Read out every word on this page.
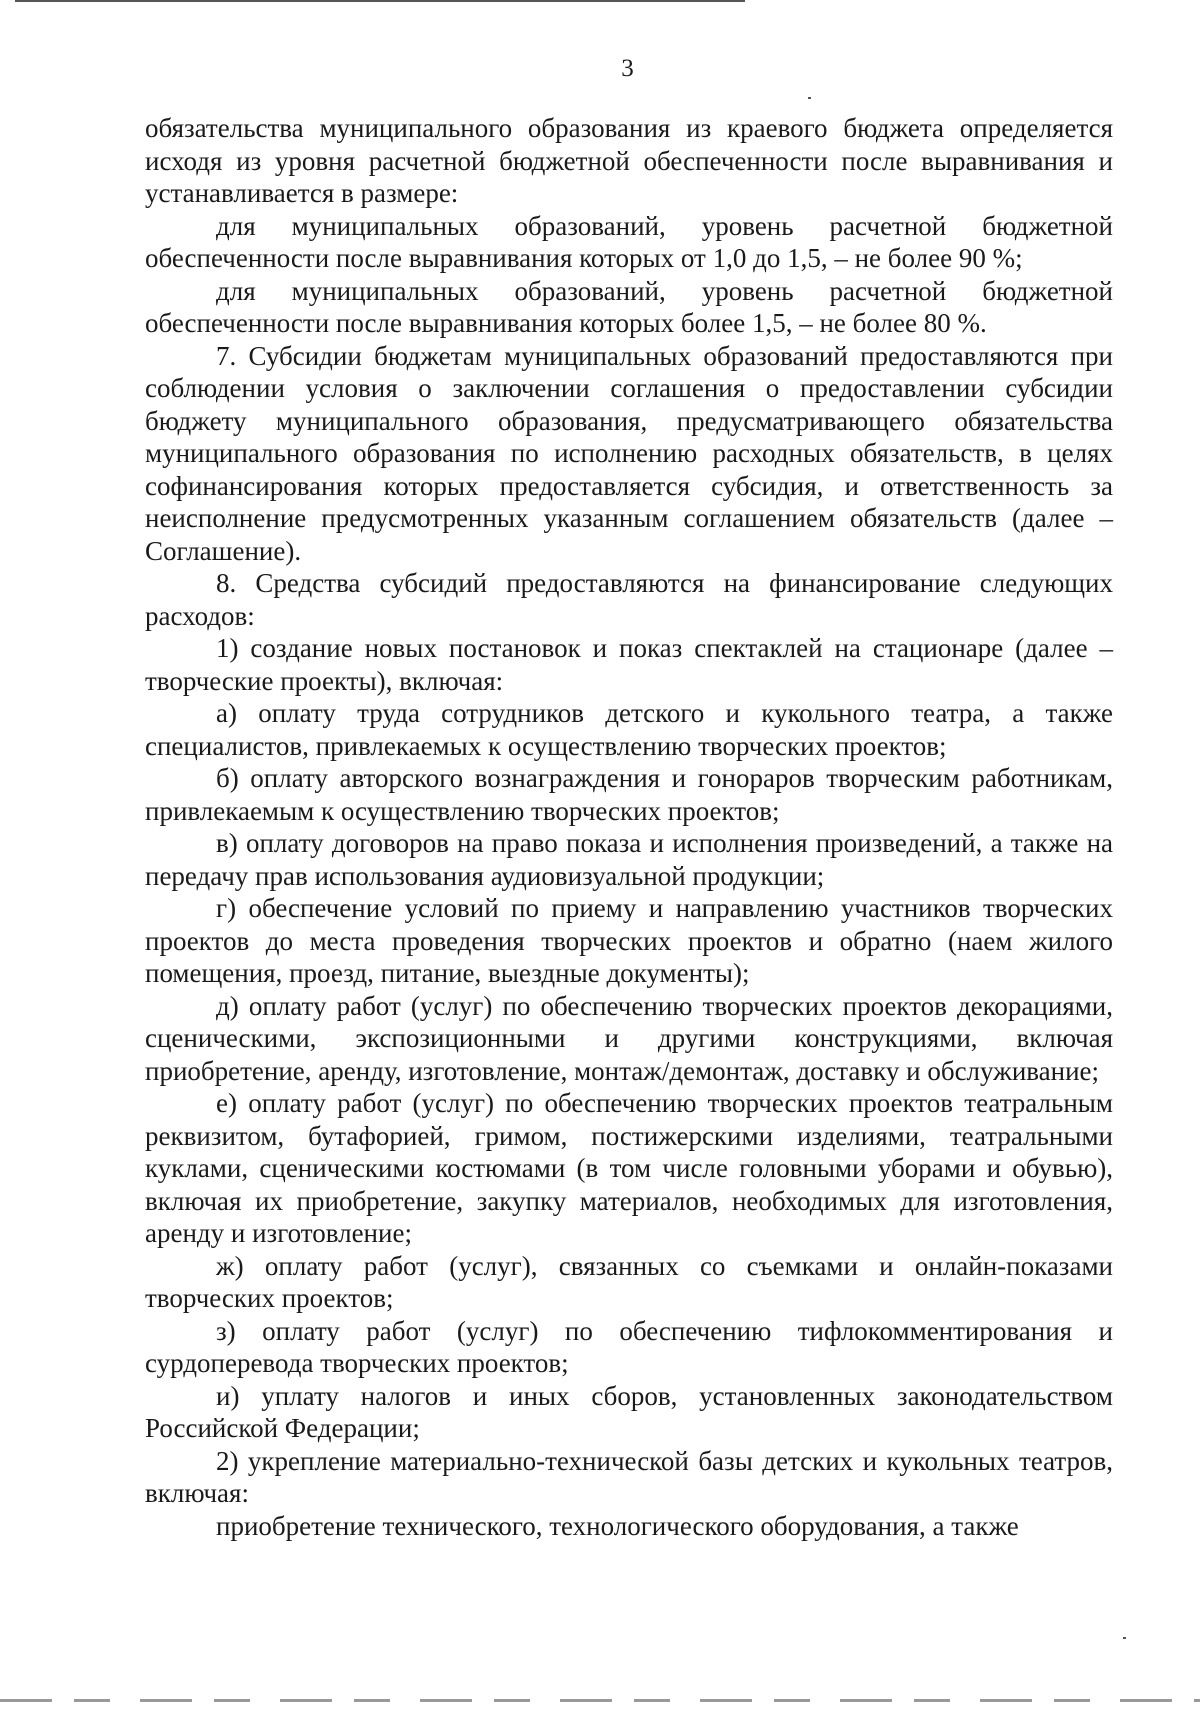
3

обязательства муниципального образования из краевого бюджета определяется исходя из уровня расчетной бюджетной обеспеченности после выравнивания и устанавливается в размере:

для муниципальных образований, уровень расчетной бюджетной обеспеченности после выравнивания которых от 1,0 до 1,5, – не более 90 %;

для муниципальных образований, уровень расчетной бюджетной обеспеченности после выравнивания которых более 1,5, – не более 80 %.

7. Субсидии бюджетам муниципальных образований предоставляются при соблюдении условия о заключении соглашения о предоставлении субсидии бюджету муниципального образования, предусматривающего обязательства муниципального образования по исполнению расходных обязательств, в целях софинансирования которых предоставляется субсидия, и ответственность за неисполнение предусмотренных указанным соглашением обязательств (далее – Соглашение).

8. Средства субсидий предоставляются на финансирование следующих расходов:

1) создание новых постановок и показ спектаклей на стационаре (далее – творческие проекты), включая:

а) оплату труда сотрудников детского и кукольного театра, а также специалистов, привлекаемых к осуществлению творческих проектов;

б) оплату авторского вознаграждения и гонораров творческим работникам, привлекаемым к осуществлению творческих проектов;

в) оплату договоров на право показа и исполнения произведений, а также на передачу прав использования аудиовизуальной продукции;

г) обеспечение условий по приему и направлению участников творческих проектов до места проведения творческих проектов и обратно (наем жилого помещения, проезд, питание, выездные документы);

д) оплату работ (услуг) по обеспечению творческих проектов декорациями, сценическими, экспозиционными и другими конструкциями, включая приобретение, аренду, изготовление, монтаж/демонтаж, доставку и обслуживание;

е) оплату работ (услуг) по обеспечению творческих проектов театральным реквизитом, бутафорией, гримом, постижерскими изделиями, театральными куклами, сценическими костюмами (в том числе головными уборами и обувью), включая их приобретение, закупку материалов, необходимых для изготовления, аренду и изготовление;

ж) оплату работ (услуг), связанных со съемками и онлайн-показами творческих проектов;

з) оплату работ (услуг) по обеспечению тифлокомментирования и сурдоперевода творческих проектов;

и) уплату налогов и иных сборов, установленных законодательством Российской Федерации;

2) укрепление материально-технической базы детских и кукольных театров, включая:

приобретение технического, технологического оборудования, а также
